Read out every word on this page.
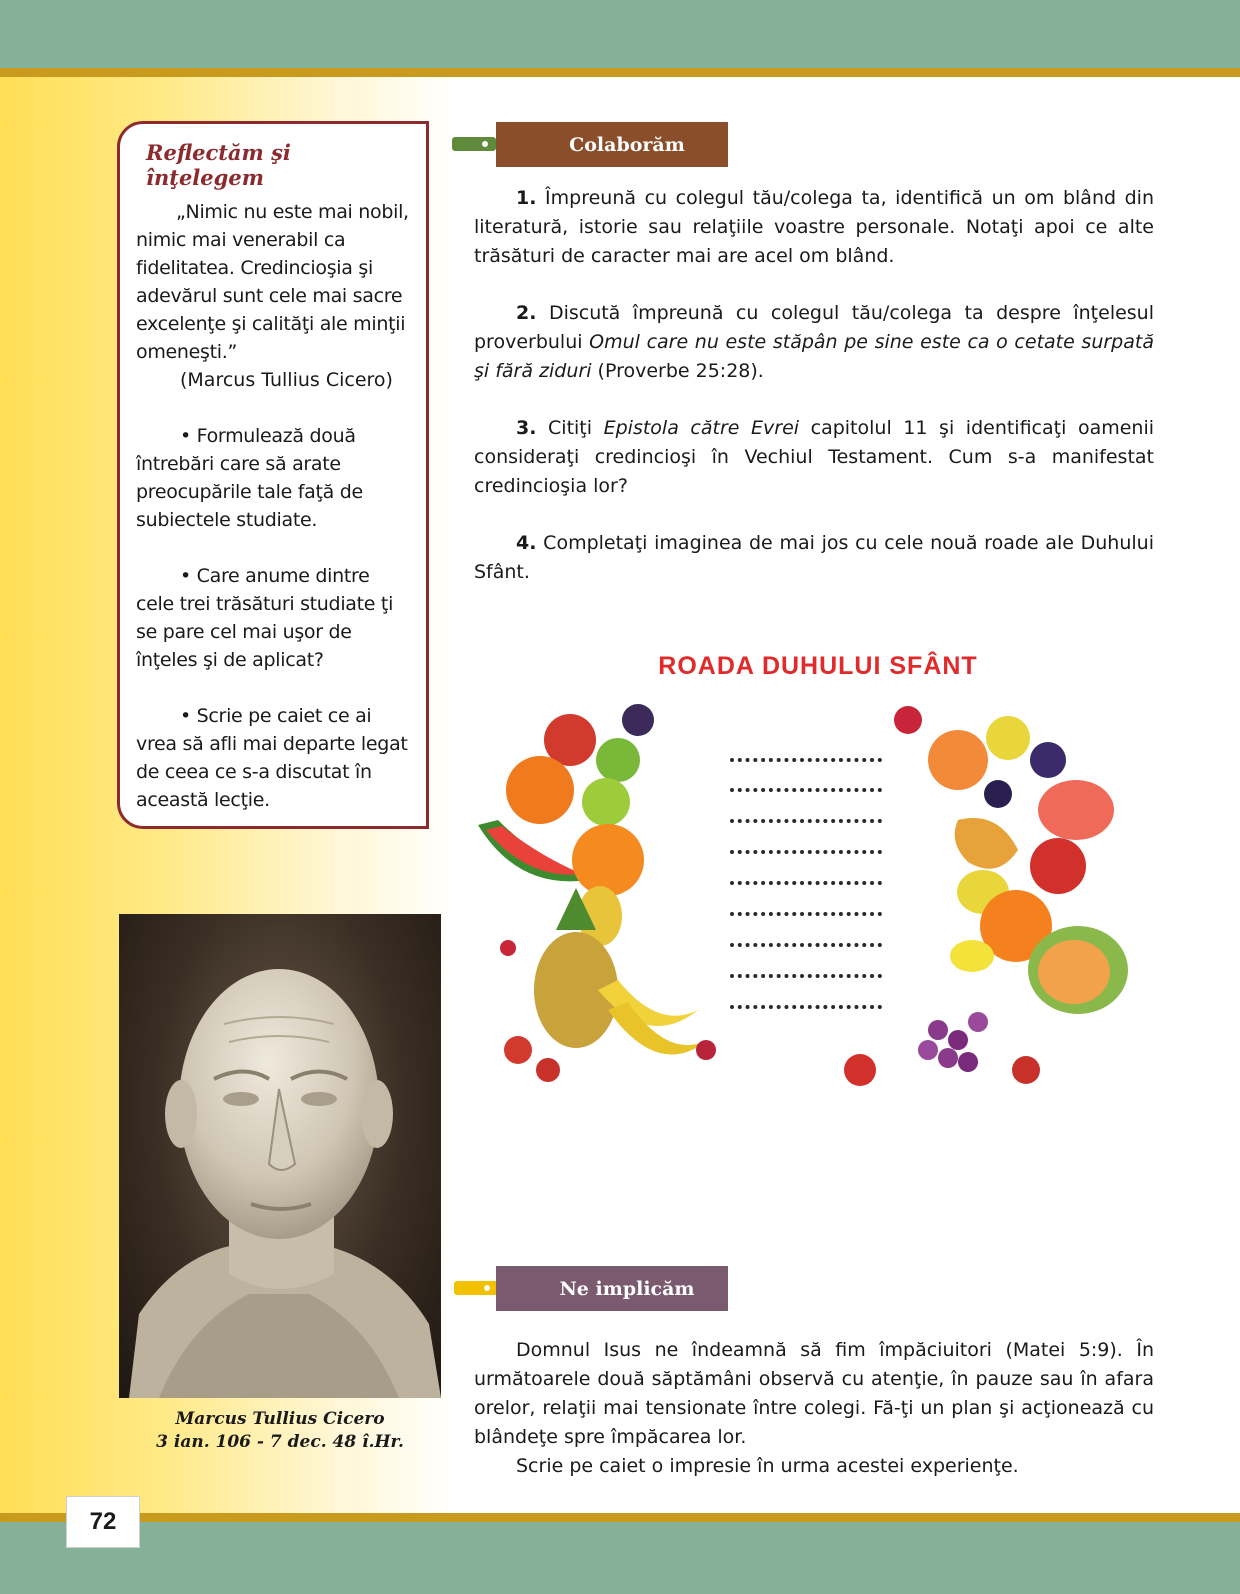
Reflectăm şi înţelegem

„Nimic nu este mai nobil, nimic mai venerabil ca fidelitatea. Credincioşia şi adevărul sunt cele mai sacre excelenţe şi calităţi ale minţii omeneşti.”

(Marcus Tullius Cicero)

• Formulează două întrebări care să arate preocupările tale faţă de subiectele studiate.

• Care anume dintre cele trei trăsături studiate ţi se pare cel mai uşor de înţeles şi de aplicat?

• Scrie pe caiet ce ai vrea să afli mai departe legat de ceea ce s-a discutat în această lecţie.

Marcus Tullius Cicero
3 ian. 106 - 7 dec. 48 î.Hr.
Colaborăm

1. Împreună cu colegul tău/colega ta, identifică un om blând din literatură, istorie sau relaţiile voastre personale. Notaţi apoi ce alte trăsături de caracter mai are acel om blând.

2. Discută împreună cu colegul tău/colega ta despre înţelesul proverbului Omul care nu este stăpân pe sine este ca o cetate surpată şi fără ziduri (Proverbe 25:28).

3. Citiţi Epistola către Evrei capitolul 11 şi identificaţi oamenii consideraţi credincioşi în Vechiul Testament. Cum s-a manifestat credincioşia lor?

4. Completaţi imaginea de mai jos cu cele nouă roade ale Duhului Sfânt.

ROADA DUHULUI SFÂNT
Ne implicăm

Domnul Isus ne îndeamnă să fim împăciuitori (Matei 5:9). În următoarele două săptămâni observă cu atenţie, în pauze sau în afara orelor, relaţii mai tensionate între colegi. Fă-ţi un plan şi acţionează cu blândeţe spre împăcarea lor.

Scrie pe caiet o impresie în urma acestei experienţe.

72
